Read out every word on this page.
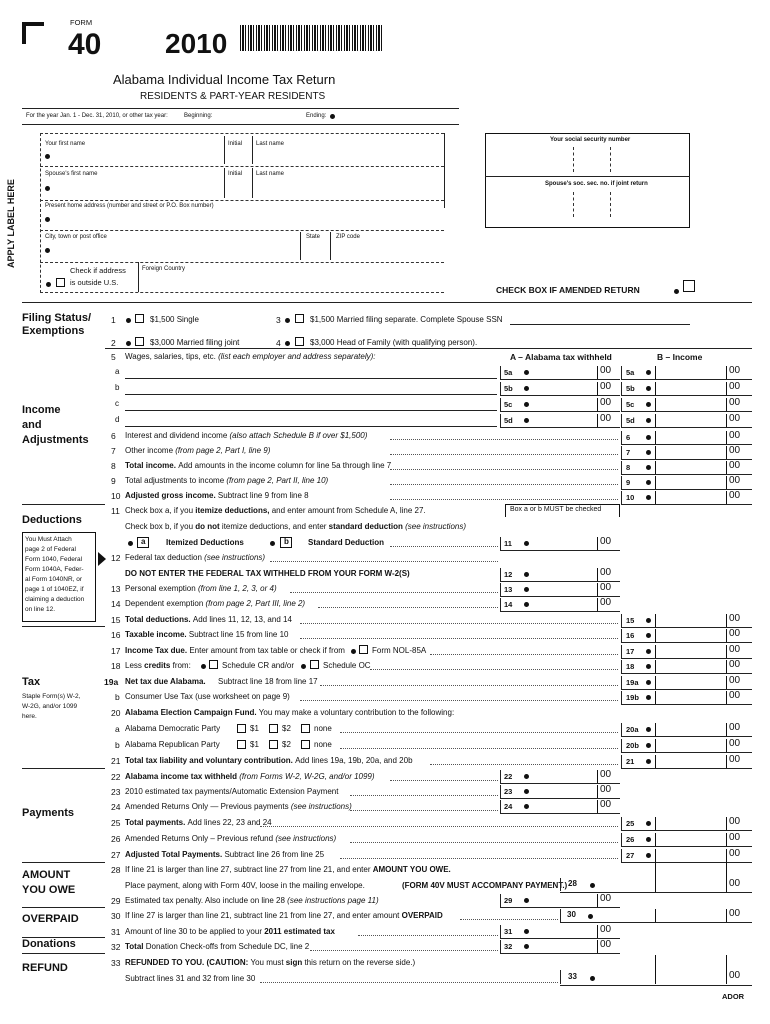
FORM
40 2010
Alabama Individual Income Tax Return
RESIDENTS & PART-YEAR RESIDENTS
For the year Jan. 1 - Dec. 31, 2010, or other tax year:	Beginning:	Ending:
APPLY LABEL HERE
Your first name	Initial Last name
Spouse's first name	Initial Last name
Present home address (number and street or P.O. Box number)
City, town or post office	State	ZIP code
Check if address
is outside U.S.
Foreign Country
Your social security number
Spouse's soc. sec. no. if joint return
CHECK BOX IF AMENDED RETURN
Filing Status/
Exemptions
1	$1,500 Single	3	$1,500 Married filing separate. Complete Spouse SSN
2	$3,000 Married filing joint	4	$3,000 Head of Family (with qualifying person).
5 Wages, salaries, tips, etc. (list each employer and address separately):	A – Alabama tax withheld	B – Income
Income
and
Adjustments
Deductions
You Must Attach
page 2 of Federal
Form 1040, Federal
Form 1040A, Feder-
al Form 1040NR, or
page 1 of 1040EZ, if
claiming a deduction
on line 12.
Tax
Staple Form(s) W-2,
W-2G, and/or 1099
here.
Payments
AMOUNT
YOU OWE
OVERPAID
Donations
REFUND
ADOR
a	5a	00 5a	00
b	5b	00 5b	00
c	5c	00 5c	00
d	5d	00 5d	00
6 Interest and dividend income (also attach Schedule B if over $1,500)	6	00
7 Other income (from page 2, Part I, line 9)	7	00
8 Total income. Add amounts in the income column for line 5a through line 7	8	00
9 Total adjustments to income (from page 2, Part II, line 10)	9	00
10 Adjusted gross income. Subtract line 9 from line 8	10	00
11 Check box a, if you itemize deductions, and enter amount from Schedule A, line 27.	Box a or b MUST be checked
Check box b, if you do not itemize deductions, and enter standard deduction (see instructions)
a	Itemized Deductions	b Standard Deduction	11	00
12 Federal tax deduction (see instructions)
DO NOT ENTER THE FEDERAL TAX WITHHELD FROM YOUR FORM W-2(S)	12	00
13 Personal exemption (from line 1, 2, 3, or 4)	13	00
14 Dependent exemption (from page 2, Part III, line 2)	14	00
15 Total deductions. Add lines 11, 12, 13, and 14	15	00
16 Taxable income. Subtract line 15 from line 10	16	00
17 Income Tax due. Enter amount from tax table or check if from	Form NOL-85A	17	00
18 Less credits from:	Schedule CR and/or	Schedule OC	18	00
19a Net tax due Alabama. Subtract line 18 from line 17	19a	00
b Consumer Use Tax (use worksheet on page 9)	19b	00
20 Alabama Election Campaign Fund. You may make a voluntary contribution to the following:
a Alabama Democratic Party	$1	$2	none	20a	00
b Alabama Republican Party	$1	$2	none	20b	00
21 Total tax liability and voluntary contribution. Add lines 19a, 19b, 20a, and 20b	21	00
22 Alabama income tax withheld (from Forms W-2, W-2G, and/or 1099)	22	00
23 2010 estimated tax payments/Automatic Extension Payment	23	00
24 Amended Returns Only — Previous payments (see instructions)	24	00
25 Total payments. Add lines 22, 23 and 24	25	00
26 Amended Returns Only – Previous refund (see instructions)	26	00
27 Adjusted Total Payments. Subtract line 26 from line 25	27	00
28 If line 21 is larger than line 27, subtract line 27 from line 21, and enter AMOUNT YOU OWE.
Place payment, along with Form 40V, loose in the mailing envelope.	(FORM 40V MUST ACCOMPANY PAYMENT.) 28	00
29 Estimated tax penalty. Also include on line 28 (see instructions page 11)	29	00
30 If line 27 is larger than line 21, subtract line 21 from line 27, and enter amount OVERPAID	30	00
31 Amount of line 30 to be applied to your 2011 estimated tax	31	00
32 Total Donation Check-offs from Schedule DC, line 2	32	00
33 REFUNDED TO YOU. (CAUTION: You must sign this return on the reverse side.)
Subtract lines 31 and 32 from line 30	33	00
